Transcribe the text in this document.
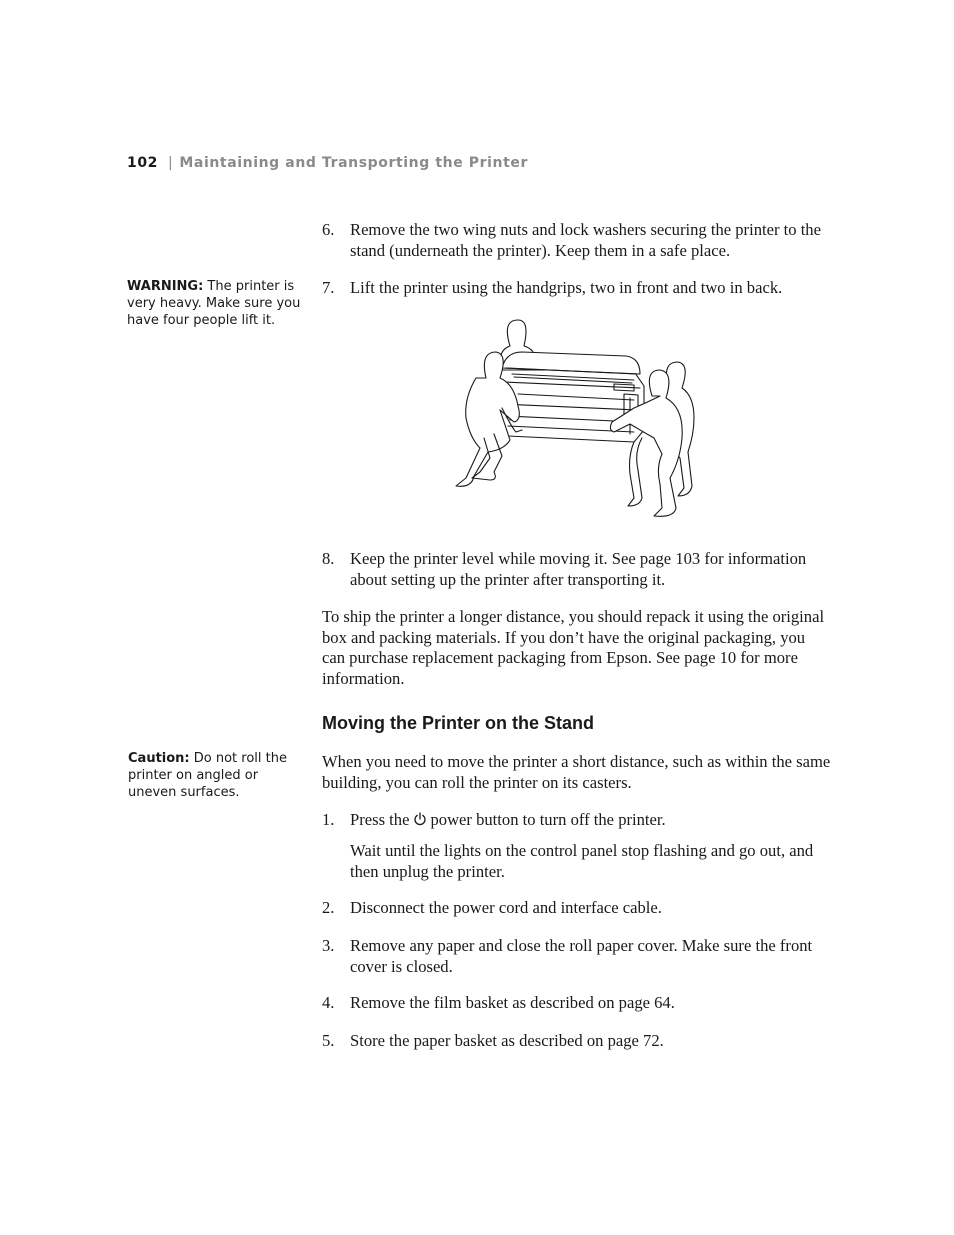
102 | Maintaining and Transporting the Printer
WARNING: The printer is very heavy. Make sure you have four people lift it.
6. Remove the two wing nuts and lock washers securing the printer to the stand (underneath the printer). Keep them in a safe place.
7. Lift the printer using the handgrips, two in front and two in back.
8. Keep the printer level while moving it. See page 103 for information about setting up the printer after transporting it.
To ship the printer a longer distance, you should repack it using the original box and packing materials. If you don’t have the original packaging, you can purchase replacement packaging from Epson. See page 10 for more information.
Moving the Printer on the Stand
Caution: Do not roll the printer on angled or uneven surfaces.
When you need to move the printer a short distance, such as within the same building, you can roll the printer on its casters.
1. Press the power button to turn off the printer.
Wait until the lights on the control panel stop flashing and go out, and then unplug the printer.
2. Disconnect the power cord and interface cable.
3. Remove any paper and close the roll paper cover. Make sure the front cover is closed.
4. Remove the film basket as described on page 64.
5. Store the paper basket as described on page 72.
